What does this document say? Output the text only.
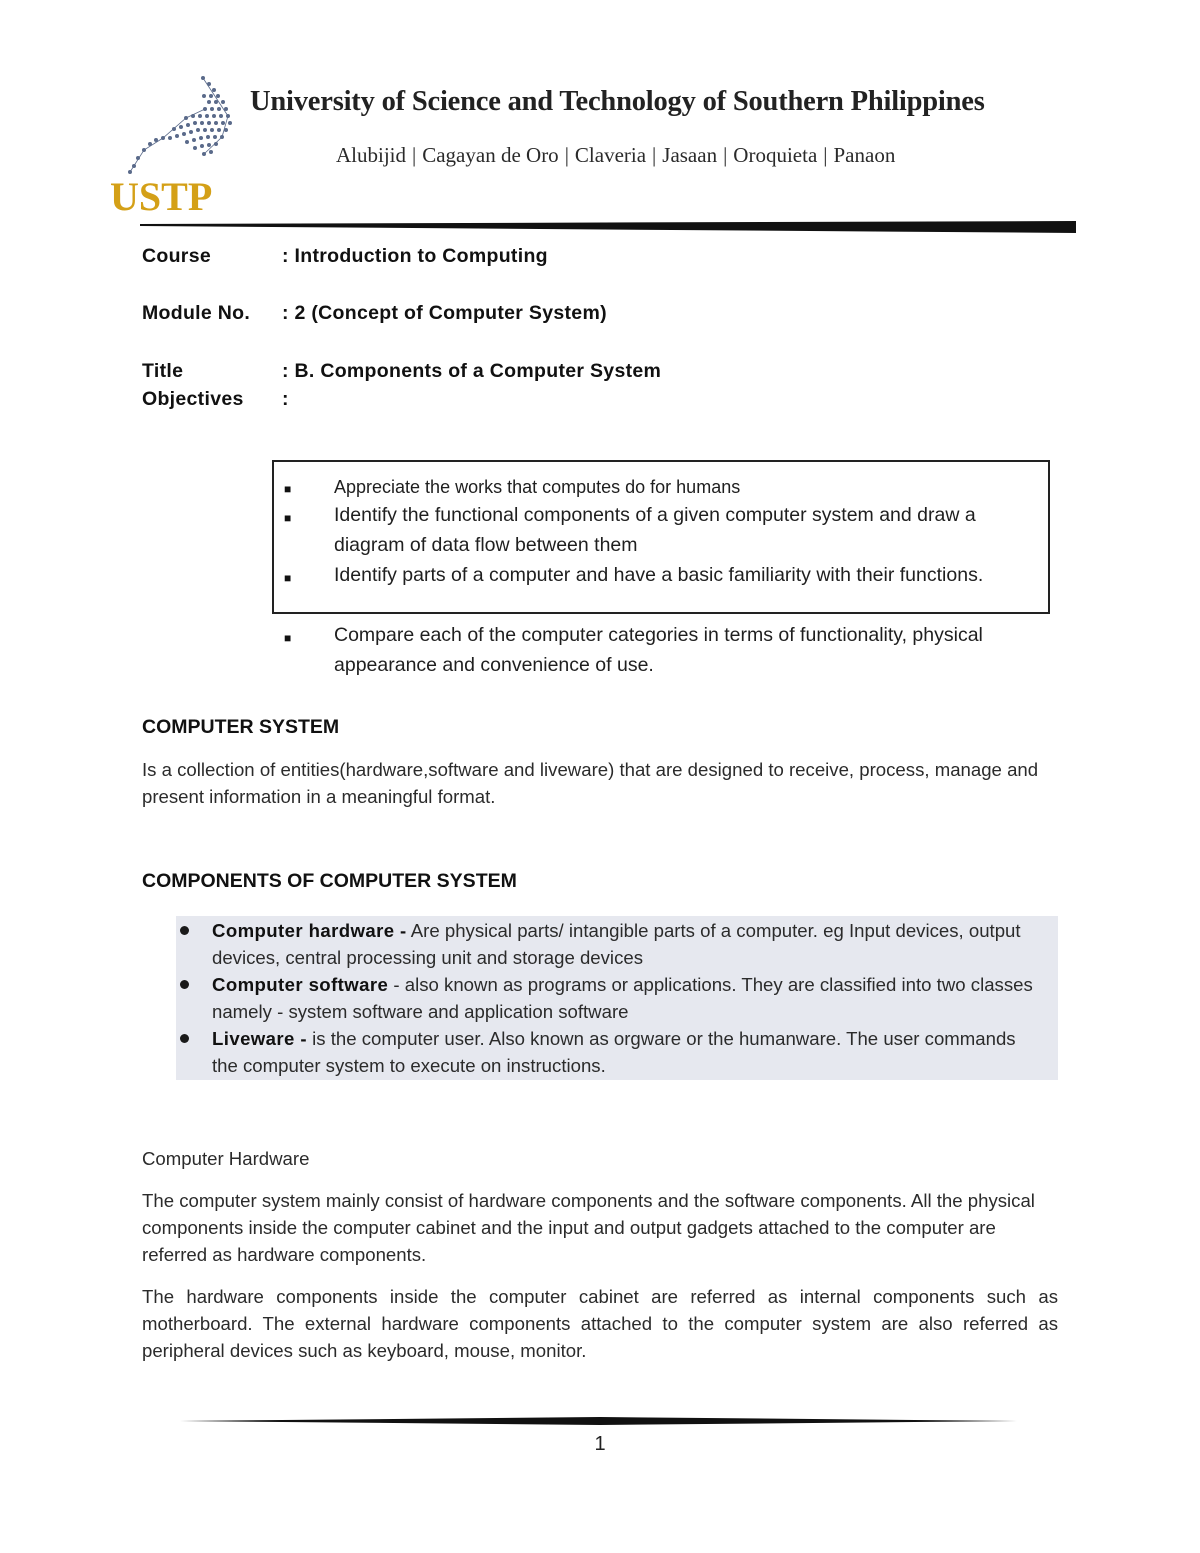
USTP
University of Science and Technology of Southern Philippines
Alubijid | Cagayan de Oro | Claveria | Jasaan | Oroquieta | Panaon
Course	: Introduction to Computing
Module No. : 2 (Concept of Computer System)
Title	: B. Components of a Computer System
Objectives :
■ Appreciate the works that computes do for humans
■ Identify the functional components of a given computer system and draw a diagram of data flow between them
■ Identify parts of a computer and have a basic familiarity with their functions.
■ Compare each of the computer categories in terms of functionality, physical appearance and convenience of use.
COMPUTER SYSTEM
Is a collection of entities(hardware,software and liveware) that are designed to receive, process, manage and present information in a meaningful format.
COMPONENTS OF COMPUTER SYSTEM
Computer hardware - Are physical parts/ intangible parts of a computer. eg Input devices, output devices, central processing unit and storage devices
Computer software - also known as programs or applications. They are classified into two classes namely - system software and application software
Liveware - is the computer user. Also known as orgware or the humanware. The user commands the computer system to execute on instructions.
Computer Hardware
The computer system mainly consist of hardware components and the software components. All the physical components inside the computer cabinet and the input and output gadgets attached to the computer are referred as hardware components.
The hardware components inside the computer cabinet are referred as internal components such as motherboard. The external hardware components attached to the computer system are also referred as peripheral devices such as keyboard, mouse, monitor.
1
